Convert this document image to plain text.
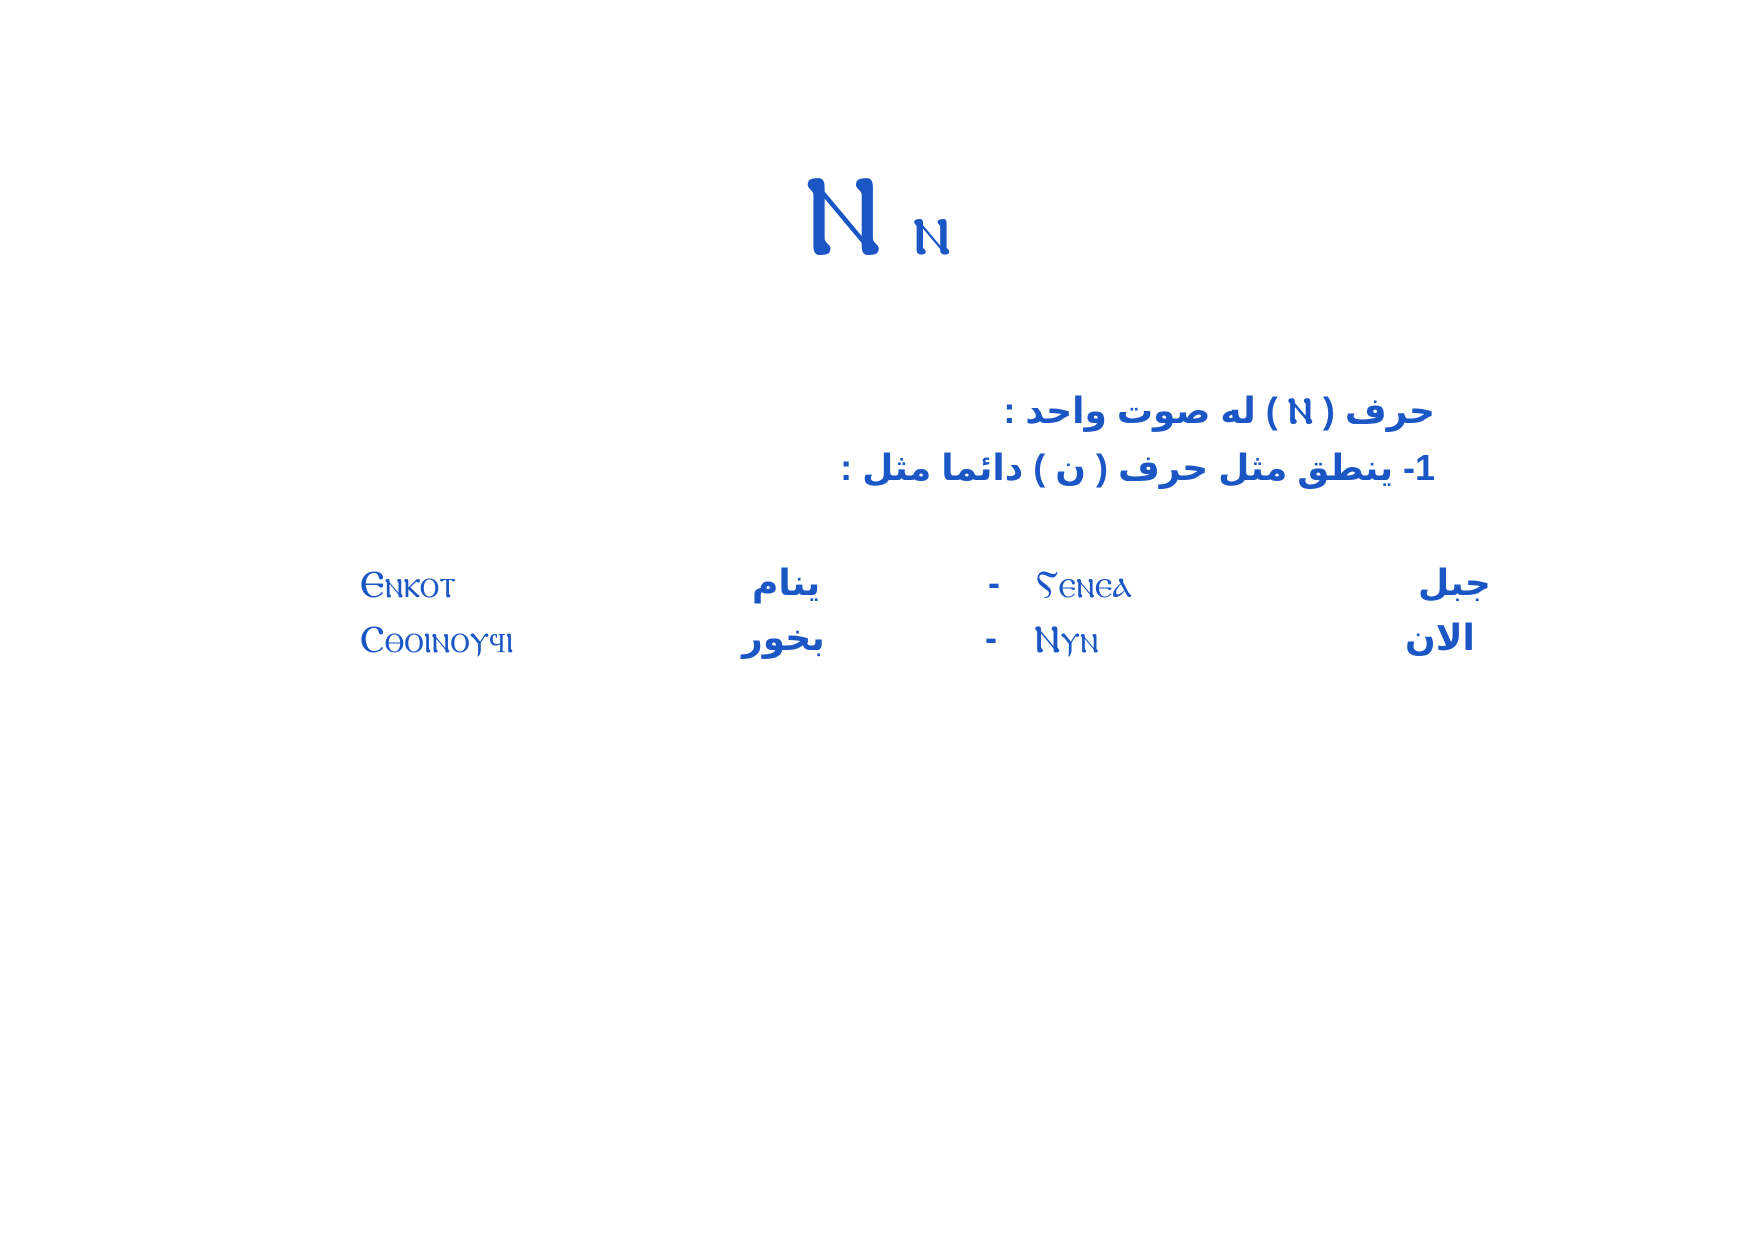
Ⲛ ⲛ
حرف ( Ⲛ ) له صوت واحد :
1- ينطق مثل حرف ( ن ) دائما مثل :
Ⲉⲛⲕⲟⲧ	ينام	- Ⲋⲉⲛⲉⲁ	جبل
Ⲥⲑⲟⲓⲛⲟⲩϥⲓ	بخور	- Ⲛⲩⲛ	الان
